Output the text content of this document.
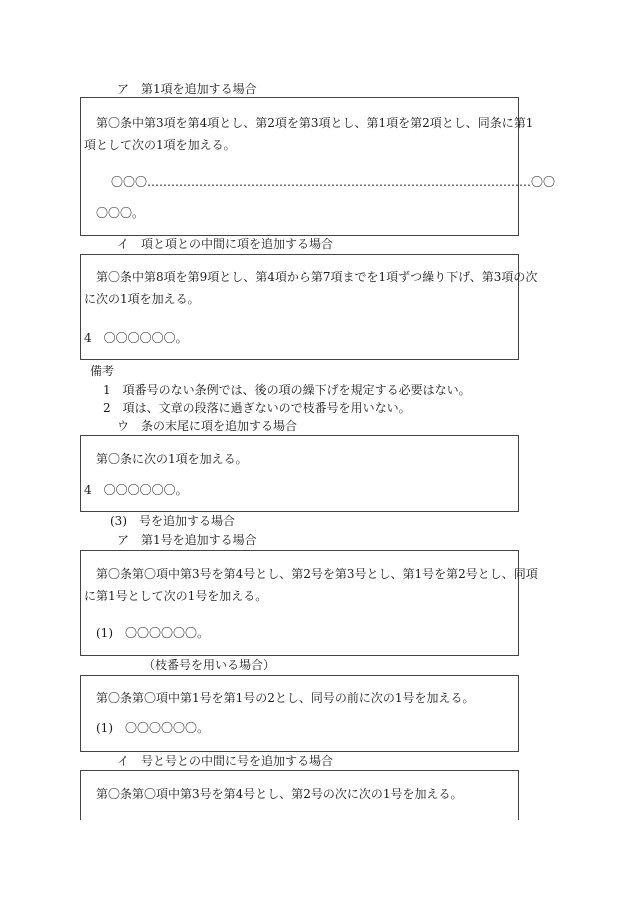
ア　第1項を追加する場合
第〇条中第3項を第4項とし、第2項を第3項とし、第1項を第2項とし、同条に第1
項として次の1項を加える。
〇〇〇……………………………………………………………………………………〇〇
〇〇〇。
イ　項と項との中間に項を追加する場合
第〇条中第8項を第9項とし、第4項から第7項までを1項ずつ繰り下げ、第3項の次
に次の1項を加える。
4　〇〇〇〇〇〇。
備考
1　項番号のない条例では、後の項の繰下げを規定する必要はない。
2　項は、文章の段落に過ぎないので枝番号を用いない。
ウ　条の末尾に項を追加する場合
第〇条に次の1項を加える。
4　〇〇〇〇〇〇。
(3)　号を追加する場合
ア　第1号を追加する場合
第〇条第〇項中第3号を第4号とし、第2号を第3号とし、第1号を第2号とし、同項
に第1号として次の1号を加える。
(1)　〇〇〇〇〇〇。
（枝番号を用いる場合）
第〇条第〇項中第1号を第1号の2とし、同号の前に次の1号を加える。
(1)　〇〇〇〇〇〇。
イ　号と号との中間に号を追加する場合
第〇条第〇項中第3号を第4号とし、第2号の次に次の1号を加える。
